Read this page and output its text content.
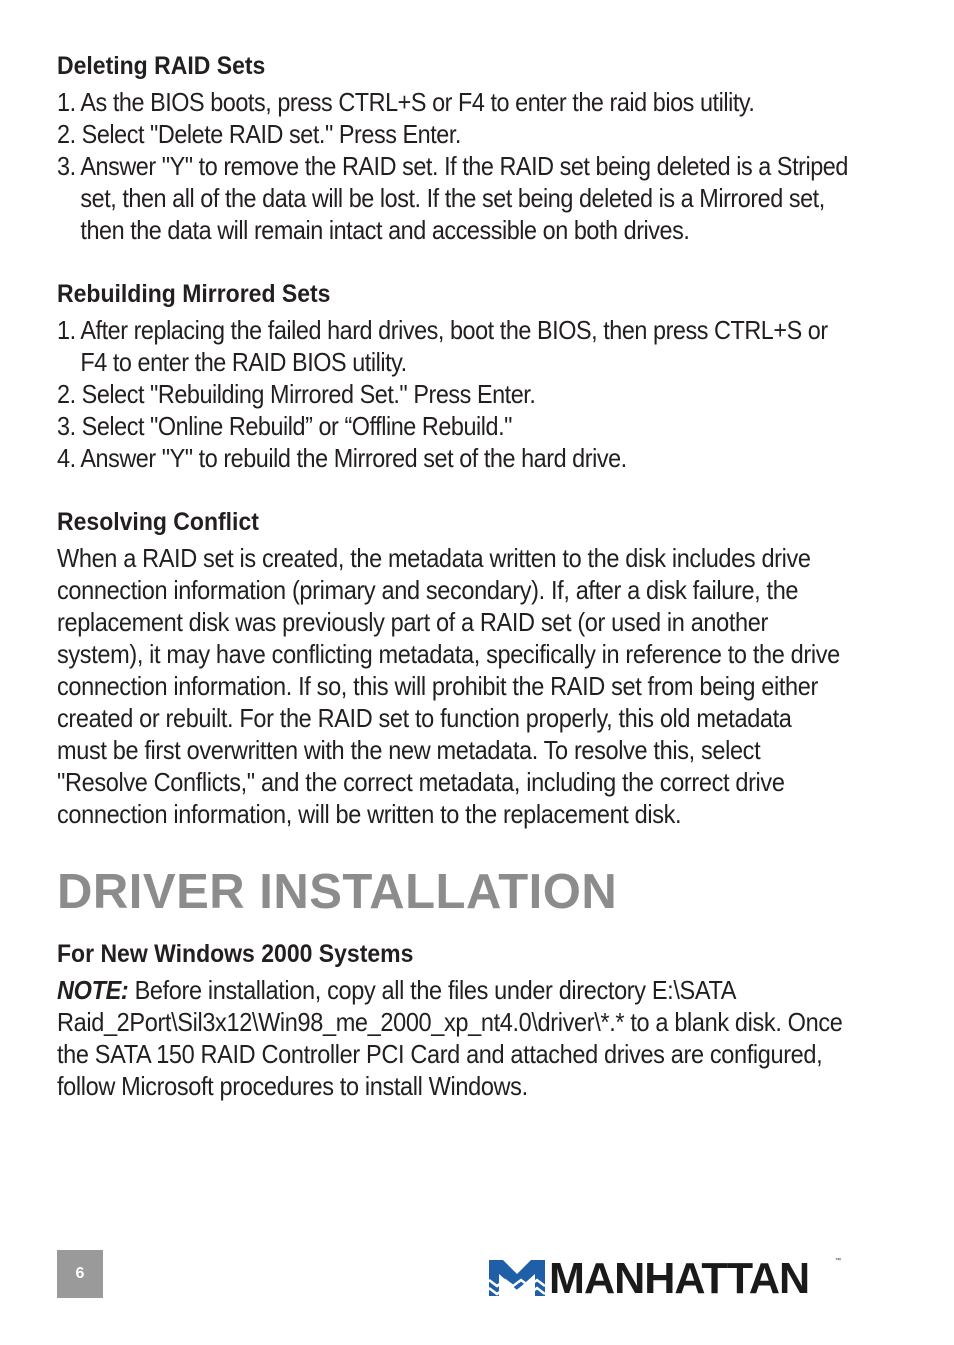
Deleting RAID Sets
1. As the BIOS boots, press CTRL+S or F4 to enter the raid bios utility.
2. Select "Delete RAID set." Press Enter.
3. Answer "Y" to remove the RAID set. If the RAID set being deleted is a Striped set, then all of the data will be lost. If the set being deleted is a Mirrored set, then the data will remain intact and accessible on both drives.
Rebuilding Mirrored Sets
1. After replacing the failed hard drives, boot the BIOS, then press CTRL+S or F4 to enter the RAID BIOS utility.
2. Select "Rebuilding Mirrored Set." Press Enter.
3. Select "Online Rebuild” or “Offline Rebuild."
4. Answer "Y" to rebuild the Mirrored set of the hard drive.
Resolving Conflict
When a RAID set is created, the metadata written to the disk includes drive connection information (primary and secondary). If, after a disk failure, the replacement disk was previously part of a RAID set (or used in another system), it may have conflicting metadata, specifically in reference to the drive connection information. If so, this will prohibit the RAID set from being either created or rebuilt. For the RAID set to function properly, this old metadata must be first overwritten with the new metadata. To resolve this, select "Resolve Conflicts," and the correct metadata, including the correct drive connection information, will be written to the replacement disk.
DRIVER INSTALLATION
For New Windows 2000 Systems
NOTE: Before installation, copy all the files under directory E:\SATA Raid_2Port\Sil3x12\Win98_me_2000_xp_nt4.0\driver\*.* to a blank disk. Once the SATA 150 RAID Controller PCI Card and attached drives are configured, follow Microsoft procedures to install Windows.
6	MANHATTAN	™
